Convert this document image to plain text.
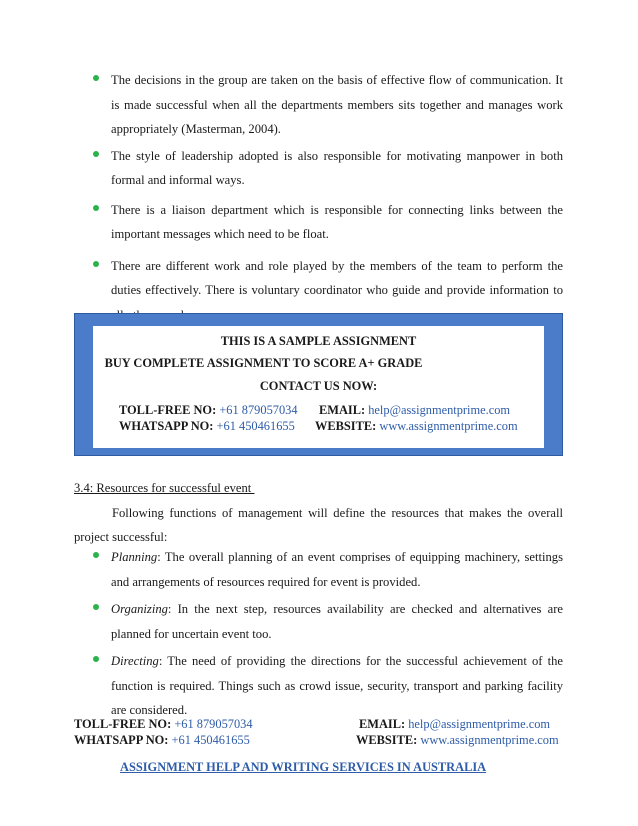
The decisions in the group are taken on the basis of effective flow of communication. It is made successful when all the departments members sits together and manages work appropriately (Masterman, 2004).

The style of leadership adopted is also responsible for motivating manpower in both formal and informal ways.

There is a liaison department which is responsible for connecting links between the important messages which need to be float.

There are different work and role played by the members of the team to perform the duties effectively. There is voluntary coordinator who guide and provide information to

THIS IS A SAMPLE ASSIGNMENT
BUY COMPLETE ASSIGNMENT TO SCORE A+ GRADE
CONTACT US NOW:
TOLL-FREE NO: +61 879057034 EMAIL: help@assignmentprime.com
WHATSAPP NO: +61 450461655 WEBSITE: www.assignmentprime.com
3.4: Resources for successful event

Following functions of management will define the resources that makes the overall project successful:

Planning: The overall planning of an event comprises of equipping machinery, settings and arrangements of resources required for event is provided.

Organizing: In the next step, resources availability are checked and alternatives are planned for uncertain event too.

Directing: The need of providing the directions for the successful achievement of the function is required. Things such as crowd issue, security, transport and parking facility are considered.

TOLL-FREE NO: +61 879057034	EMAIL: help@assignmentprime.com
WHATSAPP NO: +61 450461655	WEBSITE: www.assignmentprime.com
ASSIGNMENT HELP AND WRITING SERVICES IN AUSTRALIA
